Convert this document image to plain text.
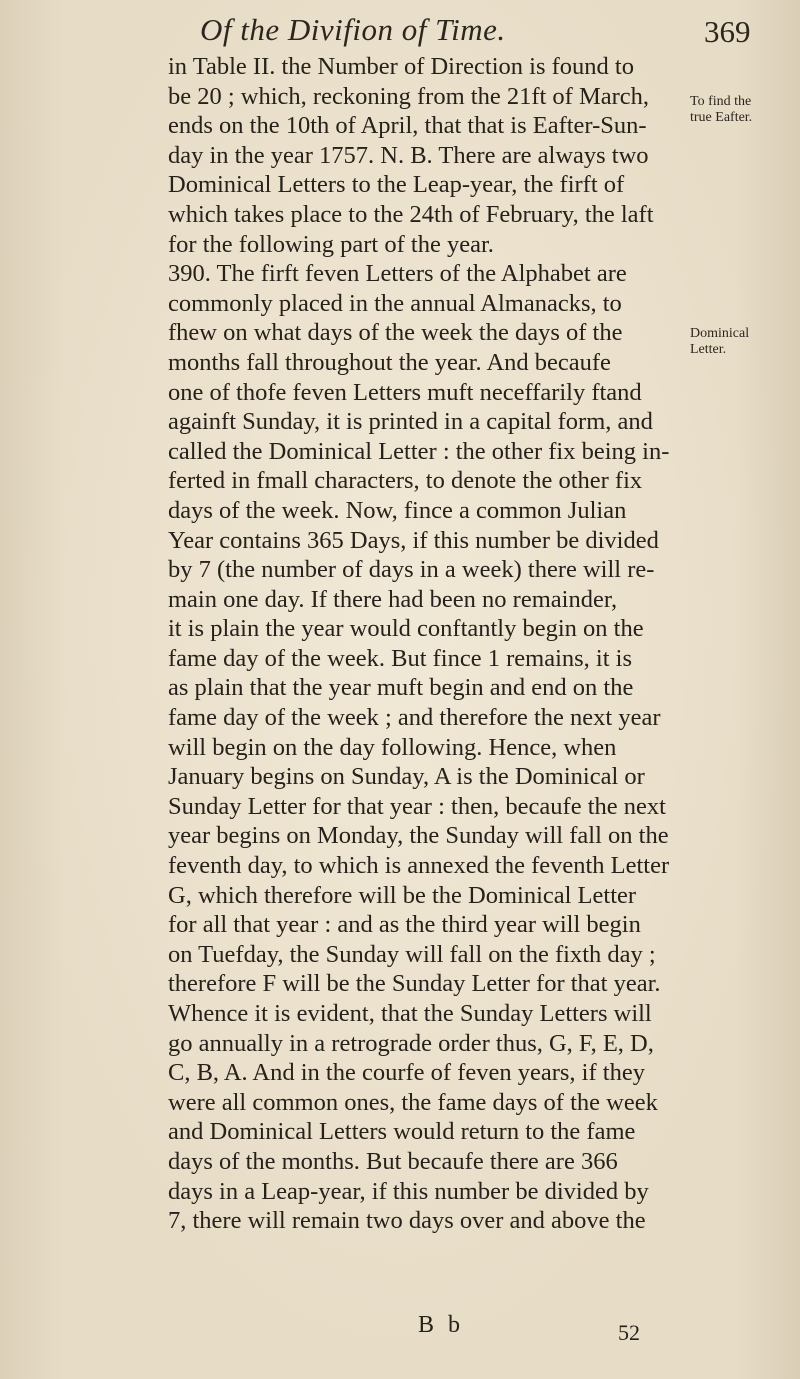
Of the Divifion of Time.	369
in Table II. the Number of Direction is found to
be 20 ; which, reckoning from the 21ft of March,
ends on the 10th of April, that that is Eafter-Sun-
day in the year 1757. N. B. There are always two
Dominical Letters to the Leap-year, the firft of
which takes place to the 24th of February, the laft
for the following part of the year.
390. The firft feven Letters of the Alphabet are
commonly placed in the annual Almanacks, to
fhew on what days of the week the days of the
months fall throughout the year. And becaufe
one of thofe feven Letters muft neceffarily ftand
againft Sunday, it is printed in a capital form, and
called the Dominical Letter : the other fix being in-
ferted in fmall characters, to denote the other fix
days of the week. Now, fince a common Julian
Year contains 365 Days, if this number be divided
by 7 (the number of days in a week) there will re-
main one day. If there had been no remainder,
it is plain the year would conftantly begin on the
fame day of the week. But fince 1 remains, it is
as plain that the year muft begin and end on the
fame day of the week ; and therefore the next year
will begin on the day following. Hence, when
January begins on Sunday, A is the Dominical or
Sunday Letter for that year : then, becaufe the next
year begins on Monday, the Sunday will fall on the
feventh day, to which is annexed the feventh Letter
G, which therefore will be the Dominical Letter
for all that year : and as the third year will begin
on Tuefday, the Sunday will fall on the fixth day ;
therefore F will be the Sunday Letter for that year.
Whence it is evident, that the Sunday Letters will
go annually in a retrograde order thus, G, F, E, D,
C, B, A. And in the courfe of feven years, if they
were all common ones, the fame days of the week
and Dominical Letters would return to the fame
days of the months. But becaufe there are 366
days in a Leap-year, if this number be divided by
7, there will remain two days over and above the
To find the
true Eafter.
Dominical
Letter.
B b	52
